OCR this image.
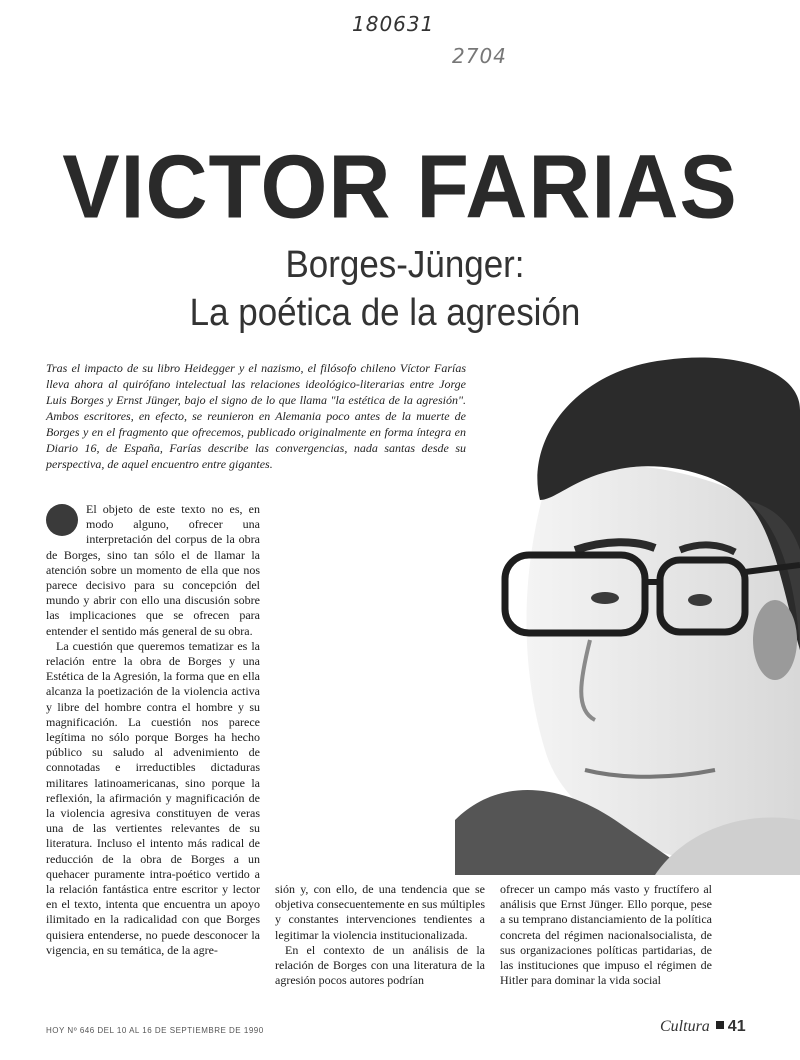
180631
2704
VICTOR FARIAS
Borges-Jünger:
La poética de la agresión
Tras el impacto de su libro Heidegger y el nazismo, el filósofo chileno Víctor Farías lleva ahora al quirófano intelectual las relaciones ideológico-literarias entre Jorge Luis Borges y Ernst Jünger, bajo el signo de lo que llama "la estética de la agresión". Ambos escritores, en efecto, se reunieron en Alemania poco antes de la muerte de Borges y en el fragmento que ofrecemos, publicado originalmente en forma íntegra en Diario 16, de España, Farías describe las convergencias, nada santas desde su perspectiva, de aquel encuentro entre gigantes.

El objeto de este texto no es, en modo alguno, ofrecer una interpretación del corpus de la obra de Borges, sino tan sólo el de llamar la atención sobre un momento de ella que nos parece decisivo para su concepción del mundo y abrir con ello una discusión sobre las implicaciones que se ofrecen para entender el sentido más general de su obra.

La cuestión que queremos tematizar es la relación entre la obra de Borges y una Estética de la Agresión, la forma que en ella alcanza la poetización de la violencia activa y libre del hombre contra el hombre y su magnificación. La cuestión nos parece legítima no sólo porque Borges ha hecho público su saludo al advenimiento de connotadas e irreductibles dictaduras militares latinoamericanas, sino porque la reflexión, la afirmación y magnificación de la violencia agresiva constituyen de veras una de las vertientes relevantes de su literatura. Incluso el intento más radical de reducción de la obra de Borges a un quehacer puramente intra-poético vertido a la relación fantástica entre escritor y lector en el texto, intenta que encuentra un apoyo ilimitado en la radicalidad con que Borges quisiera entenderse, no puede desconocer la vigencia, en su temática, de la agre-

sión y, con ello, de una tendencia que se objetiva consecuentemente en sus múltiples y constantes intervenciones tendientes a legitimar la violencia institucionalizada.

En el contexto de un análisis de la relación de Borges con una literatura de la agresión pocos autores podrían

ofrecer un campo más vasto y fructífero al análisis que Ernst Jünger. Ello porque, pese a su temprano distanciamiento de la política concreta del régimen nacionalsocialista, de sus organizaciones políticas partidarias, de las instituciones que impuso el régimen de Hitler para dominar la vida social

HOY Nº 646 DEL 10 AL 16 DE SEPTIEMBRE DE 1990	Cultura 41
